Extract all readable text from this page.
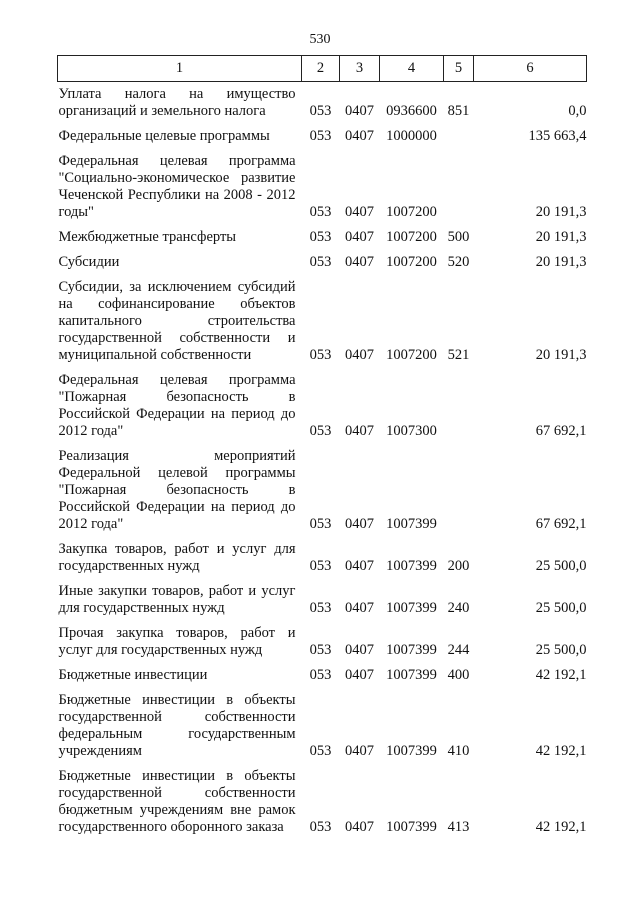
530
1	2	3	4	5	6
Уплата налога на имущество организаций и земельного налога	053	0407	0936600	851	0,0
Федеральные целевые программы	053	0407	1000000		135 663,4
Федеральная целевая программа "Социально-экономическое развитие Чеченской Республики на 2008 - 2012 годы"	053	0407	1007200		20 191,3
Межбюджетные трансферты	053	0407	1007200	500	20 191,3
Субсидии	053	0407	1007200	520	20 191,3
Субсидии, за исключением субсидий на софинансирование объектов капитального строительства государственной собственности и муниципальной собственности	053	0407	1007200	521	20 191,3
Федеральная целевая программа "Пожарная безопасность в Российской Федерации на период до 2012 года"	053	0407	1007300		67 692,1
Реализация мероприятий Федеральной целевой программы "Пожарная безопасность в Российской Федерации на период до 2012 года"	053	0407	1007399		67 692,1
Закупка товаров, работ и услуг для государственных нужд	053	0407	1007399	200	25 500,0
Иные закупки товаров, работ и услуг для государственных нужд	053	0407	1007399	240	25 500,0
Прочая закупка товаров, работ и услуг для государственных нужд	053	0407	1007399	244	25 500,0
Бюджетные инвестиции	053	0407	1007399	400	42 192,1
Бюджетные инвестиции в объекты государственной собственности федеральным государственным учреждениям	053	0407	1007399	410	42 192,1
Бюджетные инвестиции в объекты государственной собственности бюджетным учреждениям вне рамок государственного оборонного заказа	053	0407	1007399	413	42 192,1
